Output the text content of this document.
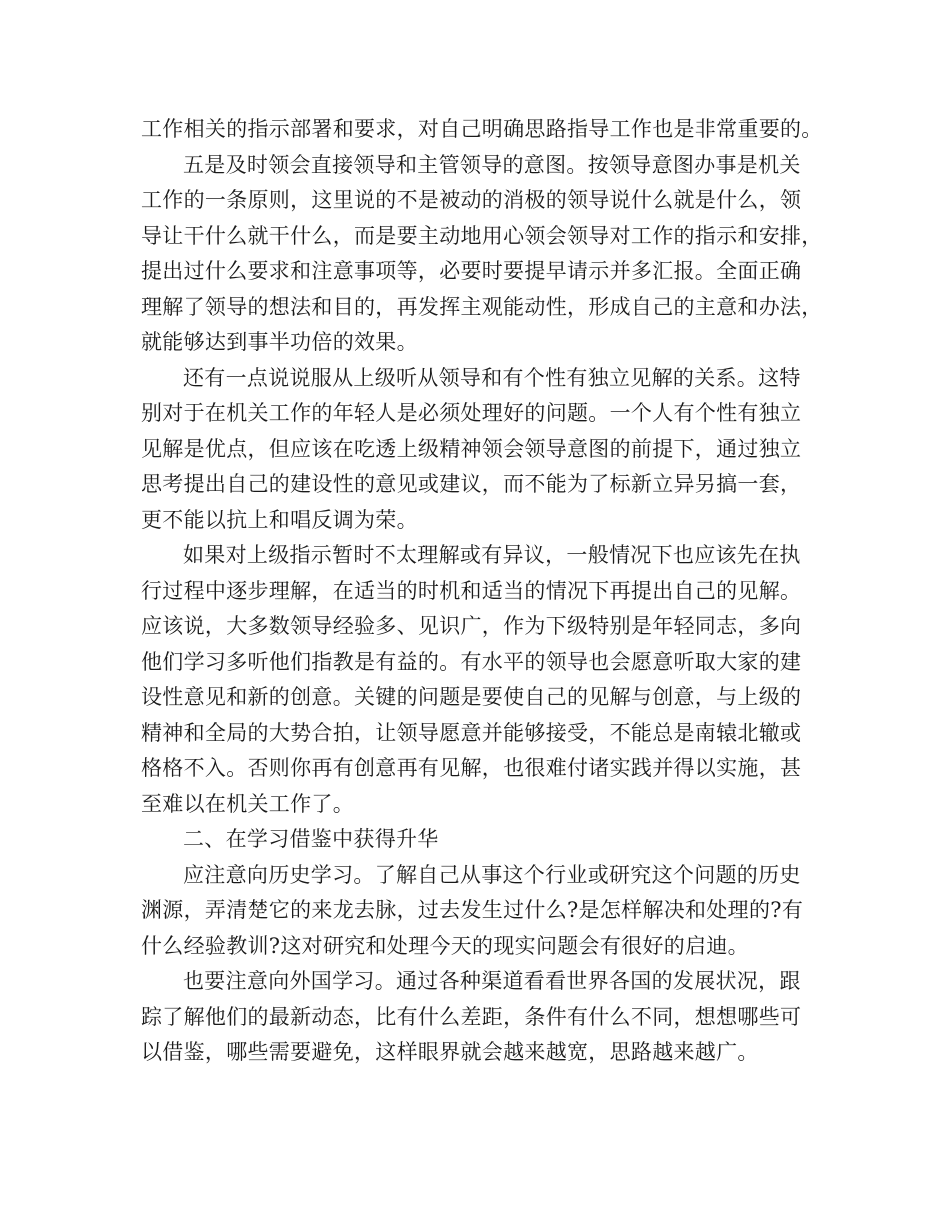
工作相关的指示部署和要求，对自己明确思路指导工作也是非常重要的。
五是及时领会直接领导和主管领导的意图。按领导意图办事是机关
工作的一条原则，这里说的不是被动的消极的领导说什么就是什么，领
导让干什么就干什么，而是要主动地用心领会领导对工作的指示和安排，
提出过什么要求和注意事项等，必要时要提早请示并多汇报。全面正确
理解了领导的想法和目的，再发挥主观能动性，形成自己的主意和办法，
就能够达到事半功倍的效果。
还有一点说说服从上级听从领导和有个性有独立见解的关系。这特
别对于在机关工作的年轻人是必须处理好的问题。一个人有个性有独立
见解是优点，但应该在吃透上级精神领会领导意图的前提下，通过独立
思考提出自己的建设性的意见或建议，而不能为了标新立异另搞一套，
更不能以抗上和唱反调为荣。
如果对上级指示暂时不太理解或有异议，一般情况下也应该先在执
行过程中逐步理解，在适当的时机和适当的情况下再提出自己的见解。
应该说，大多数领导经验多、见识广，作为下级特别是年轻同志，多向
他们学习多听他们指教是有益的。有水平的领导也会愿意听取大家的建
设性意见和新的创意。关键的问题是要使自己的见解与创意，与上级的
精神和全局的大势合拍，让领导愿意并能够接受，不能总是南辕北辙或
格格不入。否则你再有创意再有见解，也很难付诸实践并得以实施，甚
至难以在机关工作了。
二、在学习借鉴中获得升华
应注意向历史学习。了解自己从事这个行业或研究这个问题的历史
渊源，弄清楚它的来龙去脉，过去发生过什么?是怎样解决和处理的?有
什么经验教训?这对研究和处理今天的现实问题会有很好的启迪。
也要注意向外国学习。通过各种渠道看看世界各国的发展状况，跟
踪了解他们的最新动态，比有什么差距，条件有什么不同，想想哪些可
以借鉴，哪些需要避免，这样眼界就会越来越宽，思路越来越广。
